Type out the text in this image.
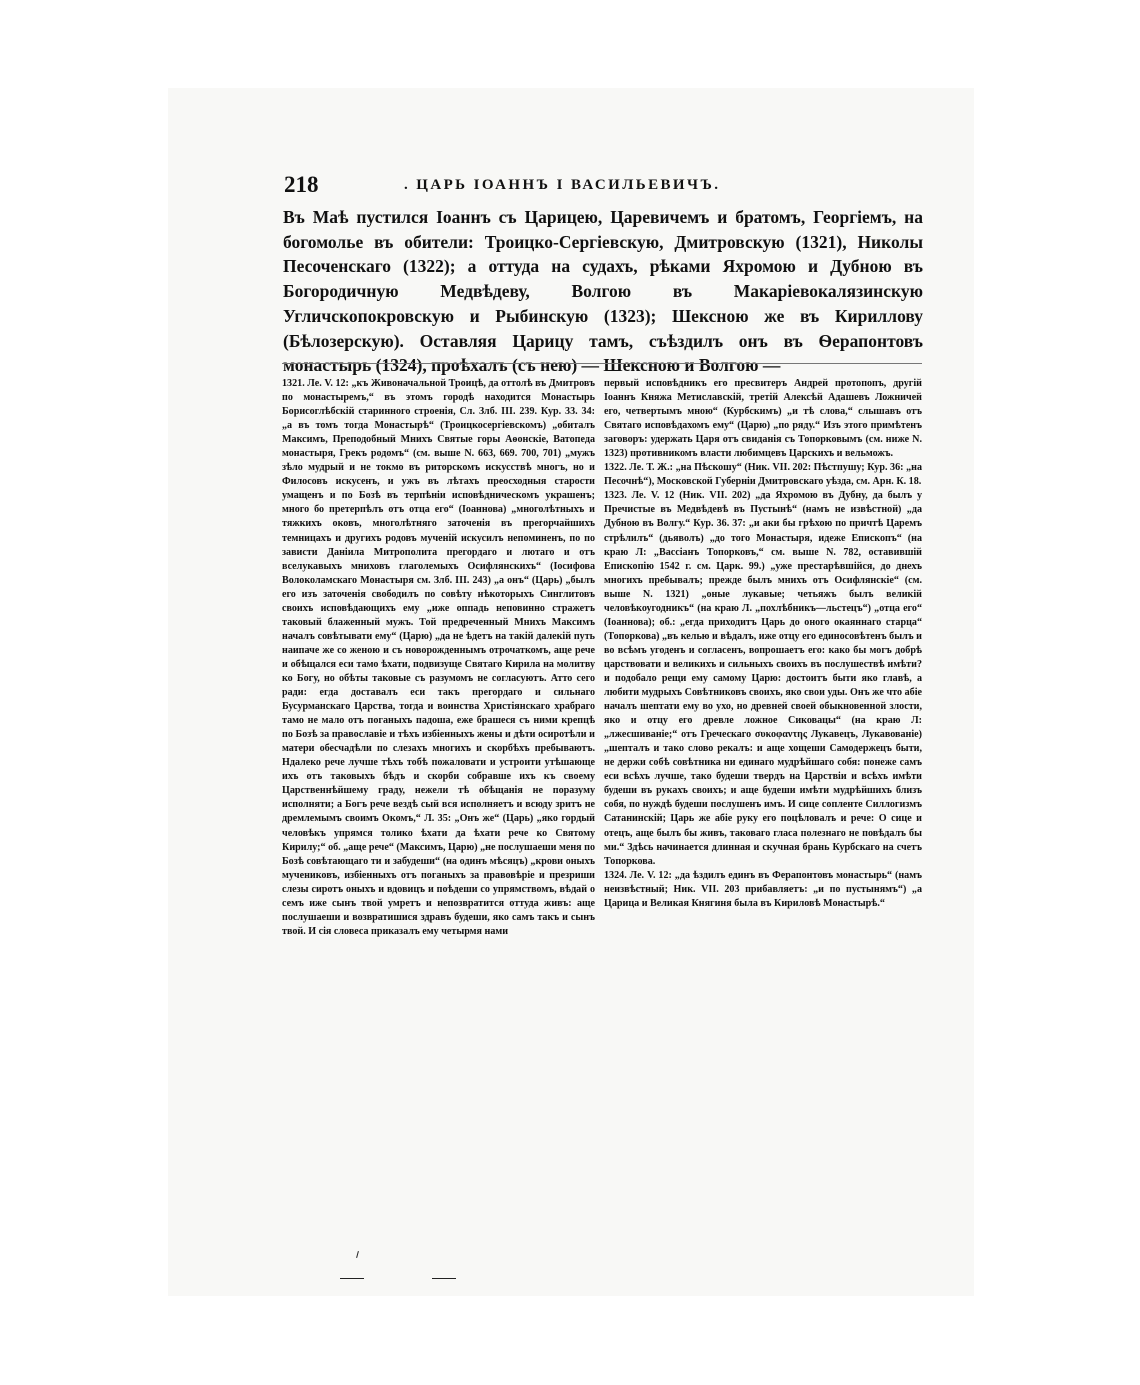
218	. ЦАРЬ ІОАННЪ І ВАСИЛЬЕВИЧЪ.
Въ Маѣ пустился Іоаннъ съ Царицею, Царевичемъ и братомъ, Георгіемъ, на богомолье въ обители: Троицко-Сергіевскую, Дмитровскую (1321), Николы Песоченскаго (1322); а оттуда на судахъ, рѣками Яхромою и Дубною въ Богородичную Медвѣдеву, Волгою въ Макаріевокалязинскую Угличскопокровскую и Рыбинскую (1323); Шекснoю же въ Кириллову (Бѣлозерскую). Оставляя Царицу тамъ, съѣздилъ онъ въ Ѳерапонтовъ монастырь (1324), проѣхалъ (съ нею) — Шексною и Волгою —

1321. Ле. V. 12: „къ Живоначальной Троицѣ, да оттолѣ въ Дмитровъ по монастыремъ,“ въ этомъ городѣ находится Монастырь Борисоглѣбскій старинного строенія, Сл. Злб. III. 239. Кур. 33. 34: „а въ томъ тогда Монастырѣ“ (Троицкосергіевскомъ) „обиталъ Максимъ, Преподобный Мнихъ Святые горы Аѳонскіе, Ватопеда монастыря, Грекъ родомъ“ (см. выше N. 663, 669. 700, 701) „мужъ зѣло мудрый и не токмо въ риторскомъ искусствѣ многъ, но и Филосовъ искусенъ, и ужъ въ лѣтахъ преосходныя старости умащенъ и по Бозѣ въ терпѣніи исповѣдническомъ украшенъ; много бо претерпѣлъ отъ отца его“ (Іоаннова) „многолѣтныхъ и тяжкихъ оковъ, многолѣтняго заточенія въ прегорчайшихъ темницахъ и другихъ родовъ мученій искусилъ непоминенъ, по по зависти Даніила Митрополита прегордаго и лютаго и отъ вселукавыхъ мниховъ глаголемыхъ Осифлянскихъ“ (Іосифова Волоколамскаго Монастыря см. Злб. III. 243) „а онъ“ (Царь) „былъ его изъ заточенія свободилъ по совѣту нѣкоторыхъ Синглитовъ своихъ исповѣдающихъ ему „иже оппадь неповинно стражетъ таковый блаженный мужъ. Той предреченный Мнихъ Максимъ началъ совѣтывати ему“ (Царю) „да не ѣдетъ на такій далекій путь наипаче же со женою и съ новорожденнымъ отрочаткомъ, аще рече и обѣщался еси тамо ѣхати, подвизуще Святаго Кирила на молитву ко Богу, но обѣты таковые съ разумомъ не согласуютъ. Атто сего ради: егда доставалъ еси такъ прегордаго и сильнаго Бусурманскаго Царства, тогда и воинства Христіянскаго храбраго тамо не мало отъ поганыхъ падоша, еже брашеся съ ними крепцѣ по Бозѣ за православіе и тѣхъ избіенныхъ жены и дѣти осиротѣли и матери обесчадѣли по слезахъ многихъ и скорбѣхъ пребываютъ. Ндалеко рече лучше тѣхъ тобѣ пожаловати и устроити утѣшающе ихъ отъ таковыхъ бѣдъ и скорби собравше ихъ къ своему Царственнѣйшему граду, нежели тѣ обѣщанія не поразуму исполняти; а Богъ рече вездѣ сый вся исполняетъ и всюду зритъ не дремлемымъ своимъ Окомъ,“ Л. 35: „Онъ же“ (Царь) „яко гордый человѣкъ упрямся толико ѣхати да ѣхати рече ко Святому Кирилу;“ об. „аще рече“ (Максимъ, Царю) „не послушаеши меня по Бозѣ совѣтающаго ти и забудеши“ (на одинъ мѣсяцъ) „крови оныхъ мучениковъ, избіенныхъ отъ поганыхъ за правовѣріе и презриши слезы сиротъ оныхъ и вдовицъ и поѣдеши со упрямствомъ, вѣдай о семъ иже сынъ твой умретъ и непозвратится оттуда живъ: аще послушаеши и возвратишися здравъ будеши, яко самъ такъ и сынъ твой. И сія словеса приказалъ ему четырмя нами

первый исповѣдникъ его пресвитеръ Андрей протопопъ, другій Іоаннъ Княжа Метиславскій, третій Алексѣй Адашевъ Ложничей его, четвертымъ мною“ (Курбскимъ) „и тѣ слова,“ слышавъ отъ Святаго исповѣдахомъ ему“ (Царю) „по ряду.“ Изъ этого примѣтенъ заговоръ: удержать Царя отъ свиданія съ Топорковымъ (см. ниже N. 1323) противникомъ власти любимцевъ Царскихъ и вельможъ.

1322. Ле. Т. Ж.: „на Пѣскошу“ (Ник. VII. 202: Пѣстпушу; Кур. 36: „на Песочнѣ“), Московской Губерніи Дмитровскаго уѣзда, см. Арн. К. 18.

1323. Ле. V. 12 (Ник. VII. 202) „да Яхромою въ Дубну, да былъ у Пречистые въ Медвѣдевѣ въ Пустынѣ“ (намъ не извѣстной) „да Дубною въ Волгу.“ Кур. 36. 37: „и аки бы грѣхою по причтѣ Царемъ стрѣлилъ“ (дьяволъ) „до того Монастыря, идеже Епископъ“ (на краю Л: „Вассіанъ Топорковъ,“ см. выше N. 782, оставившій Епископію 1542 г. см. Царк. 99.) „уже престарѣвшійся, до днехъ многихъ пребывалъ; прежде былъ мнихъ отъ Осифлянскіе“ (см. выше N. 1321) „оные лукавые; четьяжъ былъ великій человѣкоугодникъ“ (на краю Л. „похлѣбникъ—льстецъ“) „отца его“ (Іоаннова); об.: „егда приходитъ Царь до оного окаяннаго старца“ (Топоркова) „въ келью и вѣдалъ, иже отцу его единосовѣтенъ былъ и во всѣмъ угоденъ и согласенъ, вопрошаетъ его: како бы могъ добрѣ царствовати и великихъ и сильныхъ своихъ въ послушествѣ имѣти? и подобало рещи ему самому Царю: достоитъ быти яко главѣ, а любити мудрыхъ Совѣтниковъ своихъ, яко свои уды. Онъ же что абіе началъ шептати ему во ухо, но древней своей обыкновенной злости, яко и отцу его древле ложное Сиковацы“ (на краю Л: „лжесшиваніе;“ отъ Греческаго συκοφαντης Лукавецъ, Лукавованіе) „шепталъ и тако слово рекалъ: и аще хощеши Самодержецъ быти, не держи собѣ совѣтника ни единаго мудрѣйшаго собя: понеже самъ еси всѣхъ лучше, тако будеши твердъ на Царствіи и всѣхъ имѣти будеши въ рукахъ своихъ; и аще будеши имѣти мудрѣйшихъ близъ собя, по нуждѣ будеши послушенъ имъ. И сице сопленте Силлогизмъ Сатанинскій; Царь же абіе руку его поцѣловалъ и рече: О сице и отецъ, аще былъ бы живъ, таковаго гласа полезнаго не повѣдалъ бы ми.“ Здѣсь начинается длинная и скучная брань Курбскаго на счетъ Топоркова.

1324. Ле. V. 12: „да ѣздилъ единъ въ Ферапонтовъ монастырь“ (намъ неизвѣстный; Ник. VII. 203 прибавляетъ: „и по пустынямъ“) „а Царица и Великая Княгиня была въ Кириловѣ Монастырѣ.“
